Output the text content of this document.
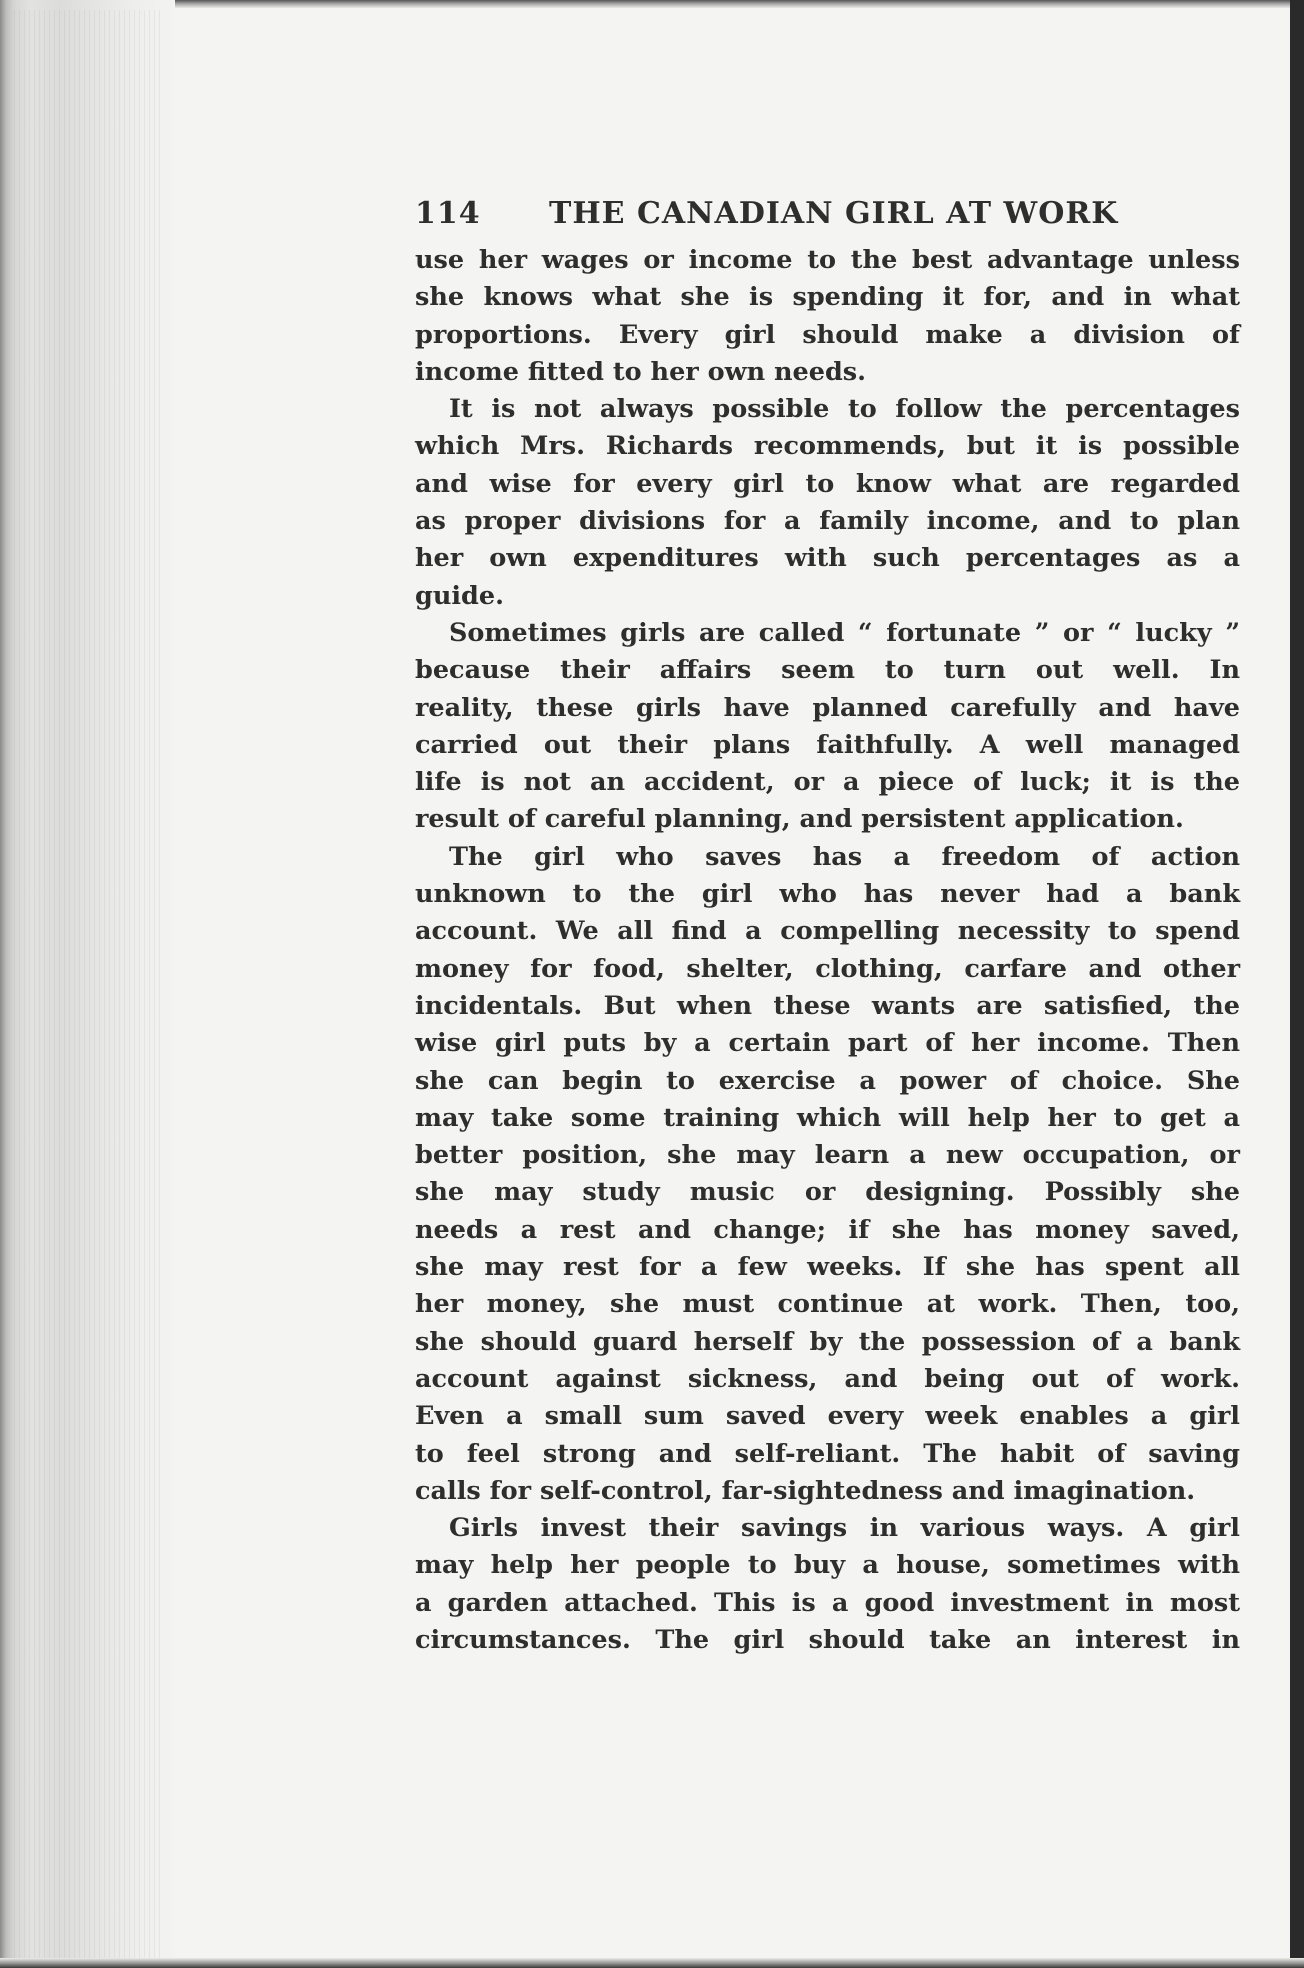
114	THE CANADIAN GIRL AT WORK
use her wages or income to the best advantage unless
she knows what she is spending it for, and in what
proportions. Every girl should make a division of
income fitted to her own needs.
It is not always possible to follow the percentages
which Mrs. Richards recommends, but it is possible
and wise for every girl to know what are regarded
as proper divisions for a family income, and to plan
her own expenditures with such percentages as a
guide.
Sometimes girls are called “ fortunate ” or “ lucky ”
because their affairs seem to turn out well. In
reality, these girls have planned carefully and have
carried out their plans faithfully. A well managed
life is not an accident, or a piece of luck; it is the
result of careful planning, and persistent application.
The girl who saves has a freedom of action
unknown to the girl who has never had a bank
account. We all find a compelling necessity to spend
money for food, shelter, clothing, carfare and other
incidentals. But when these wants are satisfied, the
wise girl puts by a certain part of her income. Then
she can begin to exercise a power of choice. She
may take some training which will help her to get a
better position, she may learn a new occupation, or
she may study music or designing. Possibly she
needs a rest and change; if she has money saved,
she may rest for a few weeks. If she has spent all
her money, she must continue at work. Then, too,
she should guard herself by the possession of a bank
account against sickness, and being out of work.
Even a small sum saved every week enables a girl
to feel strong and self-reliant. The habit of saving
calls for self-control, far-sightedness and imagination.
Girls invest their savings in various ways. A girl
may help her people to buy a house, sometimes with
a garden attached. This is a good investment in most
circumstances. The girl should take an interest in
